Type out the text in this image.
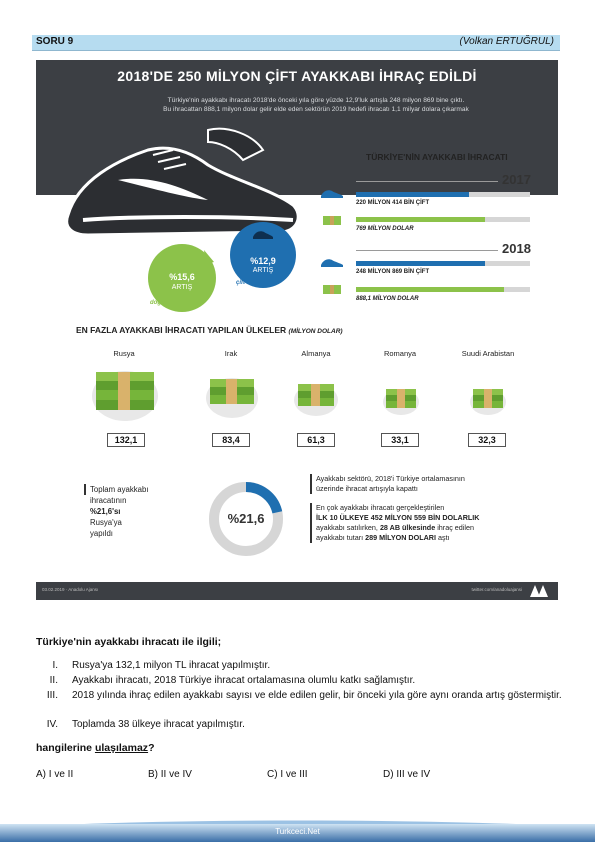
SORU 9	(Volkan ERTUĞRUL)
2018'DE 250 MİLYON ÇİFT AYAKKABI İHRAÇ EDİLDİ
Türkiye'nin ayakkabı ihracatı 2018'de önceki yıla göre yüzde 12,9'luk artışla 248 milyon 869 bine çıktı.
Bu ihracattan 888,1 milyon dolar gelir elde eden sektörün 2019 hedefi ihracatı 1,1 milyar dolara çıkarmak
%15,6
ARTIŞ
doğer
%12,9
ARTIŞ
çift
TÜRKİYE'NİN AYAKKABI İHRACATI
2017
220 MİLYON 414 BİN ÇİFT
769 MİLYON DOLAR
2018
248 MİLYON 869 BİN ÇİFT
888,1 MİLYON DOLAR
EN FAZLA AYAKKABI İHRACATI YAPILAN ÜLKELER (MİLYON DOLAR)
Rusya
132,1
Irak
83,4
Almanya
61,3
Romanya
33,1
Suudi Arabistan
32,3
Toplam ayakkabı
ihracatının
%21,6'sı
Rusya'ya
yapıldı
%21,6
Ayakkabı sektörü, 2018'i Türkiye ortalamasının
üzerinde ihracat artışıyla kapattı
En çok ayakkabı ihracatı gerçekleştirilen
İLK 10 ÜLKEYE 452 MİLYON 559 BİN DOLARLIK
ayakkabı satılırken, 28 AB ülkesinde ihraç edilen
ayakkabı tutarı 289 MİLYON DOLARI aştı
03.02.2019 · Anadolu Ajansı	twitter.com/anadoluajansi
Türkiye'nin ayakkabı ihracatı ile ilgili;
I. Rusya'ya 132,1 milyon TL ihracat yapılmıştır.
II. Ayakkabı ihracatı, 2018 Türkiye ihracat ortalamasına olumlu katkı sağlamıştır.
III. 2018 yılında ihraç edilen ayakkabı sayısı ve elde edilen gelir, bir önceki yıla göre aynı oranda artış göstermiştir.
IV. Toplamda 38 ülkeye ihracat yapılmıştır.
hangilerine ulaşılamaz?
A) I ve II	B) II ve IV	C) I ve III	D) III ve IV
Turkceci.Net
